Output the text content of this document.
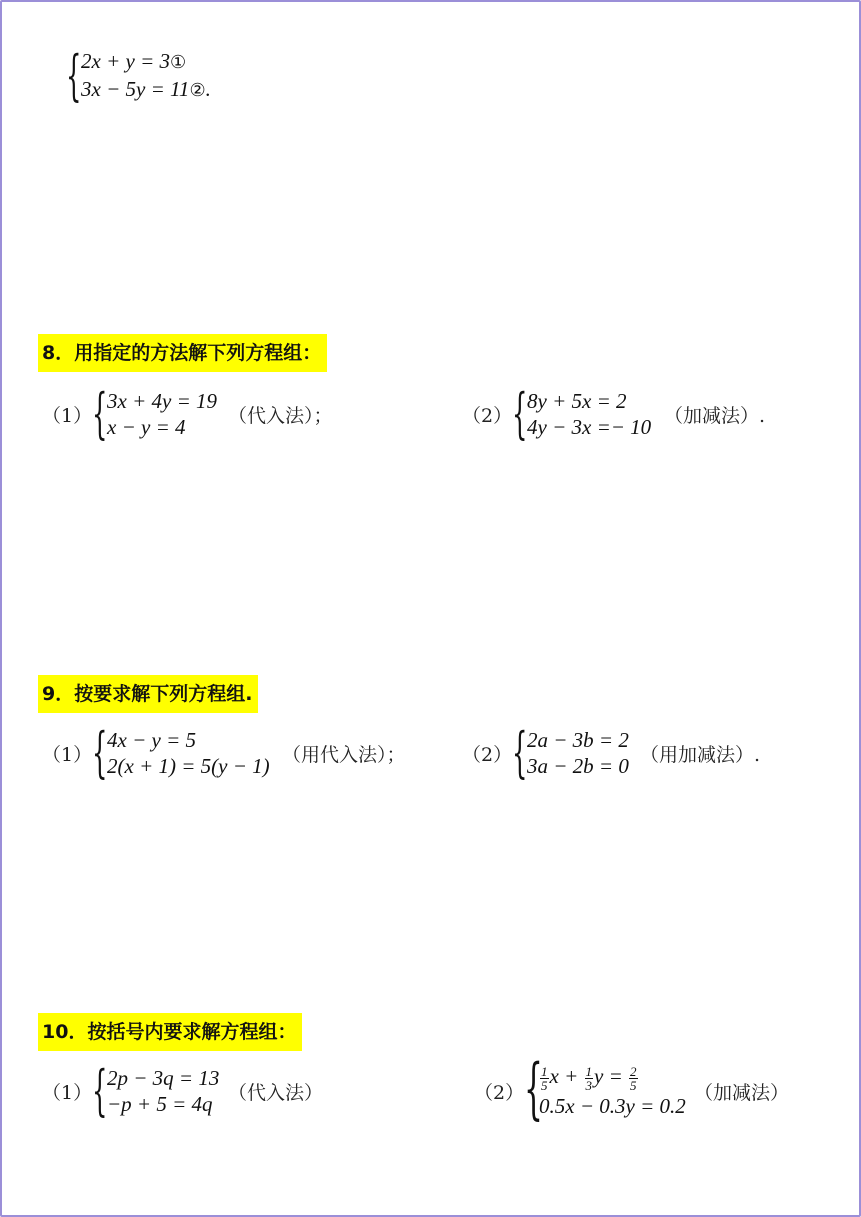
{ 2x + y = 3①
3x − 5y = 11②.
8．用指定的方法解下列方程组：
（1） { 3x + 4y = 19
x − y = 4	（代入法）；	（2） { 8y + 5x = 2
4y − 3x =− 10 （加减法）.
9．按要求解下列方程组.
（1） { 4x − y = 5
2(x + 1) = 5(y − 1) （用代入法）；	（2） { 2a − 3b = 2
3a − 2b = 0 （用加减法）.
10．按括号内要求解方程组：
（1） { 2p − 3q = 13
−p + 5 = 4q （代入法）	（2） {
$\frac{1}{5}$ $x + \frac{1}{3}$ $y = \frac{2}{5}$
0.5x − 0.3y = 0.2
（加减法）
